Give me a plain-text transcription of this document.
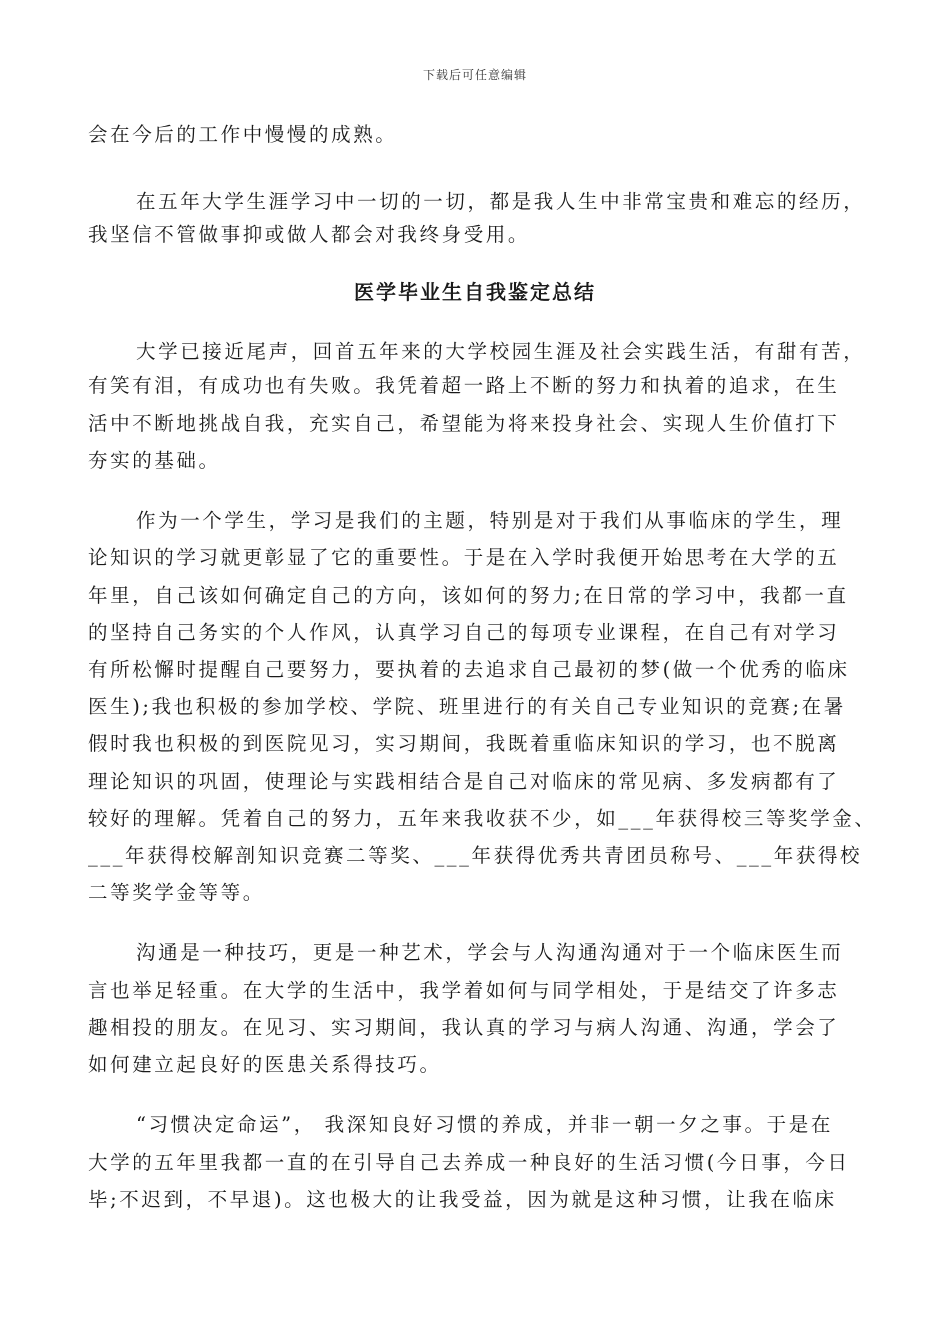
下载后可任意编辑
会在今后的工作中慢慢的成熟。
在五年大学生涯学习中一切的一切，都是我人生中非常宝贵和难忘的经历，
我坚信不管做事抑或做人都会对我终身受用。
医学毕业生自我鉴定总结
大学已接近尾声，回首五年来的大学校园生涯及社会实践生活，有甜有苦，
有笑有泪，有成功也有失败。我凭着超一路上不断的努力和执着的追求，在生
活中不断地挑战自我，充实自己，希望能为将来投身社会、实现人生价值打下
夯实的基础。
作为一个学生，学习是我们的主题，特别是对于我们从事临床的学生，理
论知识的学习就更彰显了它的重要性。于是在入学时我便开始思考在大学的五
年里，自己该如何确定自己的方向，该如何的努力;在日常的学习中，我都一直
的坚持自己务实的个人作风，认真学习自己的每项专业课程，在自己有对学习
有所松懈时提醒自己要努力，要执着的去追求自己最初的梦(做一个优秀的临床
医生);我也积极的参加学校、学院、班里进行的有关自己专业知识的竞赛;在暑
假时我也积极的到医院见习，实习期间，我既着重临床知识的学习，也不脱离
理论知识的巩固，使理论与实践相结合是自己对临床的常见病、多发病都有了
较好的理解。凭着自己的努力，五年来我收获不少，如___年获得校三等奖学金、
___年获得校解剖知识竞赛二等奖、___年获得优秀共青团员称号、___年获得校
二等奖学金等等。
沟通是一种技巧，更是一种艺术，学会与人沟通沟通对于一个临床医生而
言也举足轻重。在大学的生活中，我学着如何与同学相处，于是结交了许多志
趣相投的朋友。在见习、实习期间，我认真的学习与病人沟通、沟通，学会了
如何建立起良好的医患关系得技巧。
“习惯决定命运”， 我深知良好习惯的养成，并非一朝一夕之事。于是在
大学的五年里我都一直的在引导自己去养成一种良好的生活习惯(今日事，今日
毕;不迟到，不早退)。这也极大的让我受益，因为就是这种习惯，让我在临床
